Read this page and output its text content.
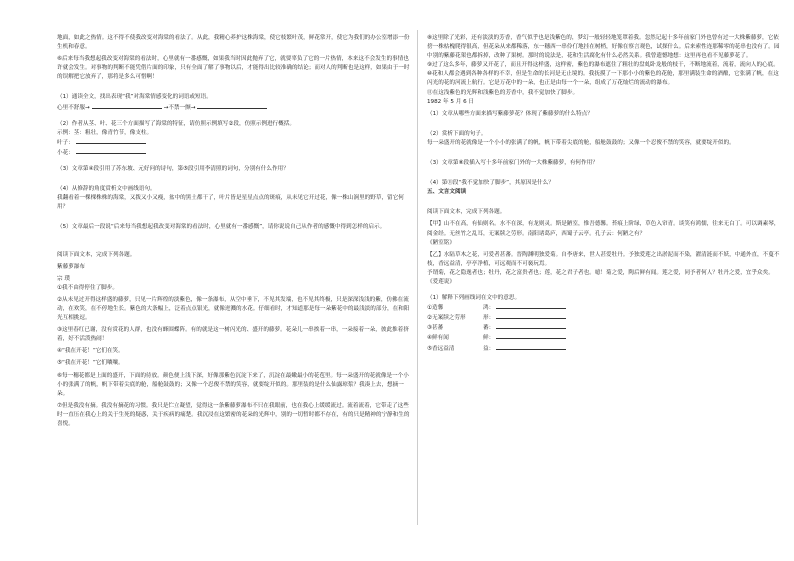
地面，如此之热情。这不得不使我改变对海棠的看法了。从此，我精心养护这株海棠，使它枝繁叶茂，鲜花常开，使它为我们的办公室增添一份生机和春意。

⑥后来每当我想起我改变对海棠的看法时，心里就有一番感慨，如果我当时因此抛弃了它，就要辜负了它的一片热情，本来这不会发生的事情也许就会发生。对事物的判断不能凭借片面的印象，只有全面了解了事物以后，才能得出比较准确的结论；而对人的判断也是这样，如果由于一时的误解把它放弃了，那将是多么可惜啊！

（1）通读全文，找出表现“我”对海棠情感变化的词语或短语。

心里不舒服→	→不禁一颤→

（2）作者从茎、叶、花三个方面描写了海棠的特征，请仿照示例填写②段，仿照示例进行概括。

示例：茎：粗壮，像青竹节，像支柱。

叶子：

小花：

（3）文章第④段引用了苏东坡、元好问的诗句，第⑤段引用李清照的词句，分别有什么作用？

（4）从修辞的角度赏析文中画线语句。

我翻看着一棵棵株株的海棠，又拨又小又瘦，盆中的黑土都干了，叶片皆是星星点点的斑痕，从未见它开过花，像一株山涧里的野草，留它何用？

（5）文章最后一段说“后来每当我想起我改变对海棠的看法时，心里就有一番感慨”，请你说说自己从作者的感慨中得到怎样的启示。

阅读下面文本，完成下列各题。

紫藤萝瀑布

宗 璞

①我不由得停住了脚步。

②从未见过开得这样盛的藤萝，只见一片辉煌的淡紫色，像一条瀑布，从空中垂下，不见其发端，也不见其终极，只是深深浅浅的紫，仿佛在流动，在欢笑，在不停地生长。紫色的大条幅上，泛着点点银光，就像迸溅的水花。仔细看时，才知道那是每一朵紫花中的最浅淡的部分，在和阳光互相挑逗。

③这里春红已谢，没有赏花的人群，也没有蜂围蝶阵。有的就是这一树闪光的、盛开的藤萝。花朵儿一串挨着一串，一朵接着一朵，彼此推着挤着，好不活泼热闹！

④“我在开花！”它们在笑。

⑤“我在开花！”它们嚷嚷。

⑥每一穗花都是上面的盛开，下面的待放。颜色便上浅下深，好像那紫色沉淀下来了，沉淀在最嫩最小的花苞里。每一朵盛开的花就像是一个小小的张满了的帆，帆下带着尖底的舱，船舱鼓鼓的；又像一个忍俊不禁的笑容，就要绽开似的。那里装的是什么仙露琼浆？我凑上去，想摘一朵。

⑦但是我没有摘。我没有摘花的习惯。我只是伫立凝望，觉得这一条紫藤萝瀑布不只在我眼前，也在我心上缓缓流过。流着流着，它带走了这些时一直压在我心上的关于生死的疑惑，关于疾病的痛楚。我沉浸在这繁密的花朵的光辉中，别的一切暂时都不存在，有的只是精神的宁静和生的喜悦。

⑧这里除了光彩，还有淡淡的芳香，香气似乎也是浅紫色的，梦幻一般轻轻地笼罩着我。忽然记起十多年前家门外也曾有过一大株紫藤萝，它依傍一株枯槐爬得很高，但花朵从来都稀落，东一穗西一串伶仃地挂在树梢，好像在察言观色，试探什么。后来索性连那稀零的花串也没有了。园中别的紫藤花架也都拆掉，改种了果树。那时的说法是，花和生活腐化有什么必然关系。我曾遗憾地想：这里再也看不见藤萝花了。

⑨过了这么多年，藤萝又开花了，而且开得这样盛，这样密，紫色的瀑布遮住了粗壮的盘虬卧龙般的枝干，不断地流着，流着，流向人的心底。

⑩花和人都会遇到各种各样的不幸，但是生命的长河是无止境的。我抚摸了一下那小小的紫色的花舱，那里满装生命的酒酿，它张满了帆，在这闪光的花的河流上航行。它是万花中的一朵，也正是由每一个一朵，组成了万花灿烂的流动的瀑布。

⑪在这浅紫色的光辉和浅紫色的芳香中，我不觉加快了脚步。

1982 年 5 月 6 日

（1）文章从哪些方面来描写紫藤萝花？体现了紫藤萝的什么特点？

（2）赏析下面的句子。

每一朵盛开的花就像是一个小小的张满了的帆，帆下带着尖底的舱，船舱鼓鼓的；又像一个忍俊不禁的笑容，就要绽开似的。

（3）文章第⑧段插入写十多年前家门外的一大株紫藤萝，有何作用？

（4）第⑪段“我不觉加快了脚步”，其原因是什么？

五、文言文阅读

阅读下面文本，完成下列各题。

【甲】山不在高，有仙则名。水不在深，有龙则灵。斯是陋室，惟吾德馨。苔痕上阶绿，草色入帘青。谈笑有鸿儒，往来无白丁。可以调素琴，阅金经。无丝竹之乱耳，无案牍之劳形。南阳诸葛庐，西蜀子云亭。孔子云：何陋之有？

《陋室铭》

【乙】水陆草木之花，可爱者甚蕃。晋陶渊明独爱菊。自李唐来，世人甚爱牡丹。予独爱莲之出淤泥而不染，濯清涟而不妖，中通外直，不蔓不枝，香远益清，亭亭净植，可远观而不可亵玩焉。

予谓菊，花之隐逸者也；牡丹，花之富贵者也；莲，花之君子者也。噫！菊之爱，陶后鲜有闻。莲之爱，同予者何人？牡丹之爱，宜乎众矣。

《爱莲说》

（1）解释下列画线词在文中的意思。

①造馨	鸿：

②无案牍之劳形	形：

③甚蕃	蕃：

④鲜有闻	鲜：

⑤香远益清	益：
